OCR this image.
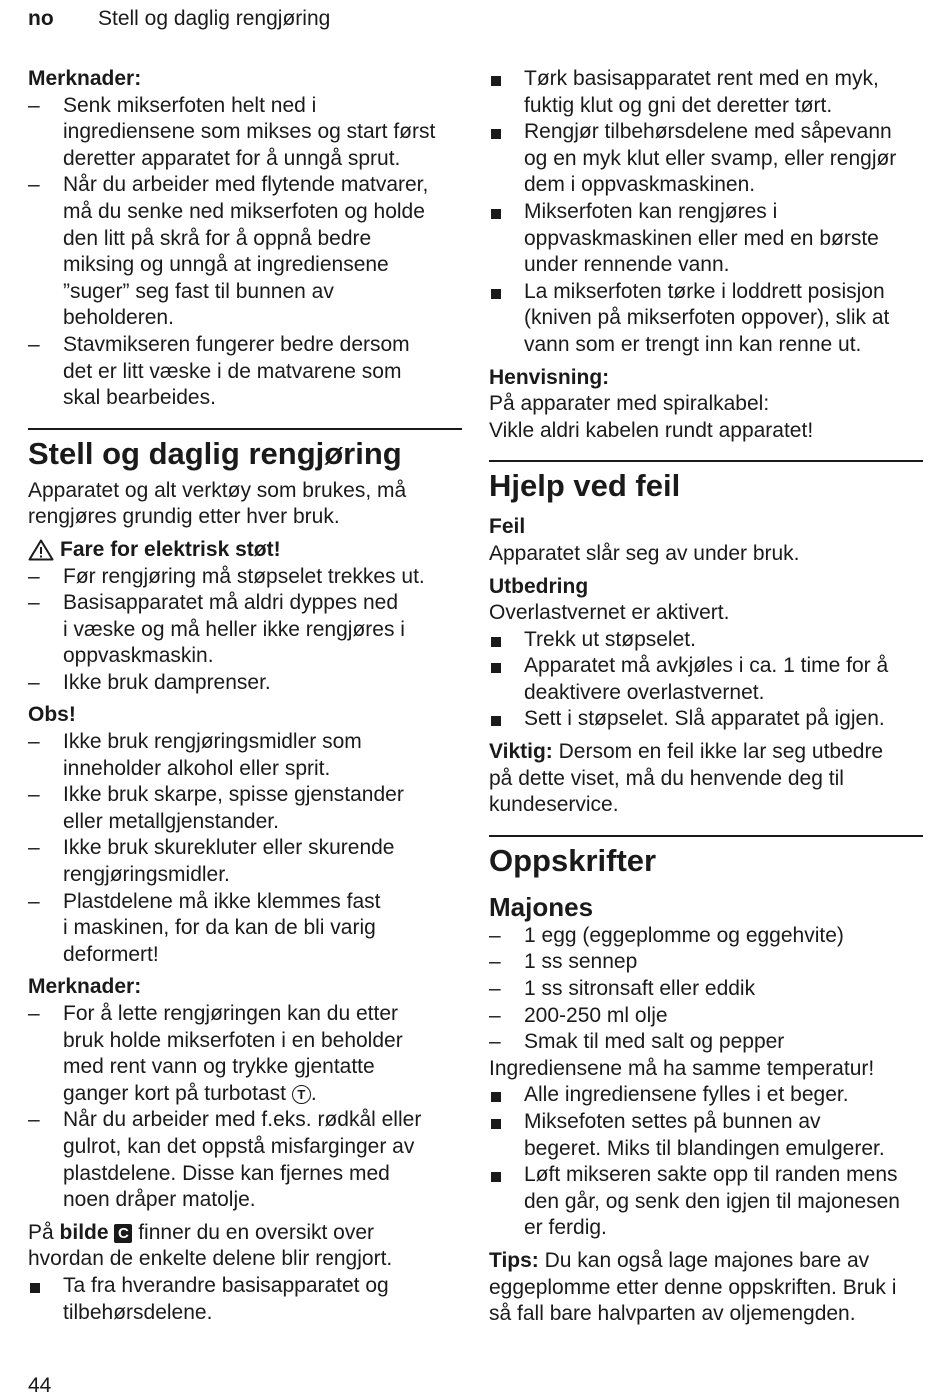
no Stell og daglig rengjøring

Merknader:

–	Senk mikserfoten helt ned i
ingrediensene som mikses og start først
deretter apparatet for å unngå sprut.
–	Når du arbeider med flytende matvarer,
må du senke ned mikserfoten og holde
den litt på skrå for å oppnå bedre
miksing og unngå at ingrediensene
”suger” seg fast til bunnen av
beholderen.
–	Stavmikseren fungerer bedre dersom
det er litt væske i de matvarene som
skal bearbeides.
Stell og daglig rengjøring

Apparatet og alt verktøy som brukes, må

rengjøres grundig etter hver bruk.

Fare for elektrisk støt!
–	Før rengjøring må støpselet trekkes ut.
–	Basisapparatet må aldri dyppes ned
i væske og må heller ikke rengjøres i
oppvaskmaskin.
–	Ikke bruk damprenser.

Obs!

–	Ikke bruk rengjøringsmidler som
inneholder alkohol eller sprit.
–	Ikke bruk skarpe, spisse gjenstander
eller metallgjenstander.
–	Ikke bruk skurekluter eller skurende
rengjøringsmidler.
–	Plastdelene må ikke klemmes fast
i maskinen, for da kan de bli varig
deformert!

Merknader:

–	For å lette rengjøringen kan du etter
bruk holde mikserfoten i en beholder
med rent vann og trykke gjentatte
ganger kort på turbotast T .
–	Når du arbeider med f.eks. rødkål eller
gulrot, kan det oppstå misfarginger av
plastdelene. Disse kan fjernes med
noen dråper matolje.

På bilde C finner du en oversikt over

hvordan de enkelte delene blir rengjort.

Ta fra hverandre basisapparatet og
tilbehørsdelene.
Tørk basisapparatet rent med en myk,
fuktig klut og gni det deretter tørt.
Rengjør tilbehørsdelene med såpevann
og en myk klut eller svamp, eller rengjør
dem i oppvaskmaskinen.
Mikserfoten kan rengjøres i
oppvaskmaskinen eller med en børste
under rennende vann.
La mikserfoten tørke i loddrett posisjon
(kniven på mikserfoten oppover), slik at
vann som er trengt inn kan renne ut.

Henvisning:

På apparater med spiralkabel:

Vikle aldri kabelen rundt apparatet!

Hjelp ved feil

Feil

Apparatet slår seg av under bruk.

Utbedring

Overlastvernet er aktivert.

Trekk ut støpselet.
Apparatet må avkjøles i ca. 1 time for å
deaktivere overlastvernet.
Sett i støpselet. Slå apparatet på igjen.

Viktig: Dersom en feil ikke lar seg utbedre

på dette viset, må du henvende deg til

kundeservice.

Oppskrifter
Majones
–	1 egg (eggeplomme og eggehvite)
–	1 ss sennep
–	1 ss sitronsaft eller eddik
–	200-250 ml olje
–	Smak til med salt og pepper

Ingrediensene må ha samme temperatur!

Alle ingrediensene fylles i et beger.
Miksefoten settes på bunnen av
begeret. Miks til blandingen emulgerer.
Løft mikseren sakte opp til randen mens
den går, og senk den igjen til majonesen
er ferdig.

Tips: Du kan også lage majones bare av

eggeplomme etter denne oppskriften. Bruk i

så fall bare halvparten av oljemengden.

44
